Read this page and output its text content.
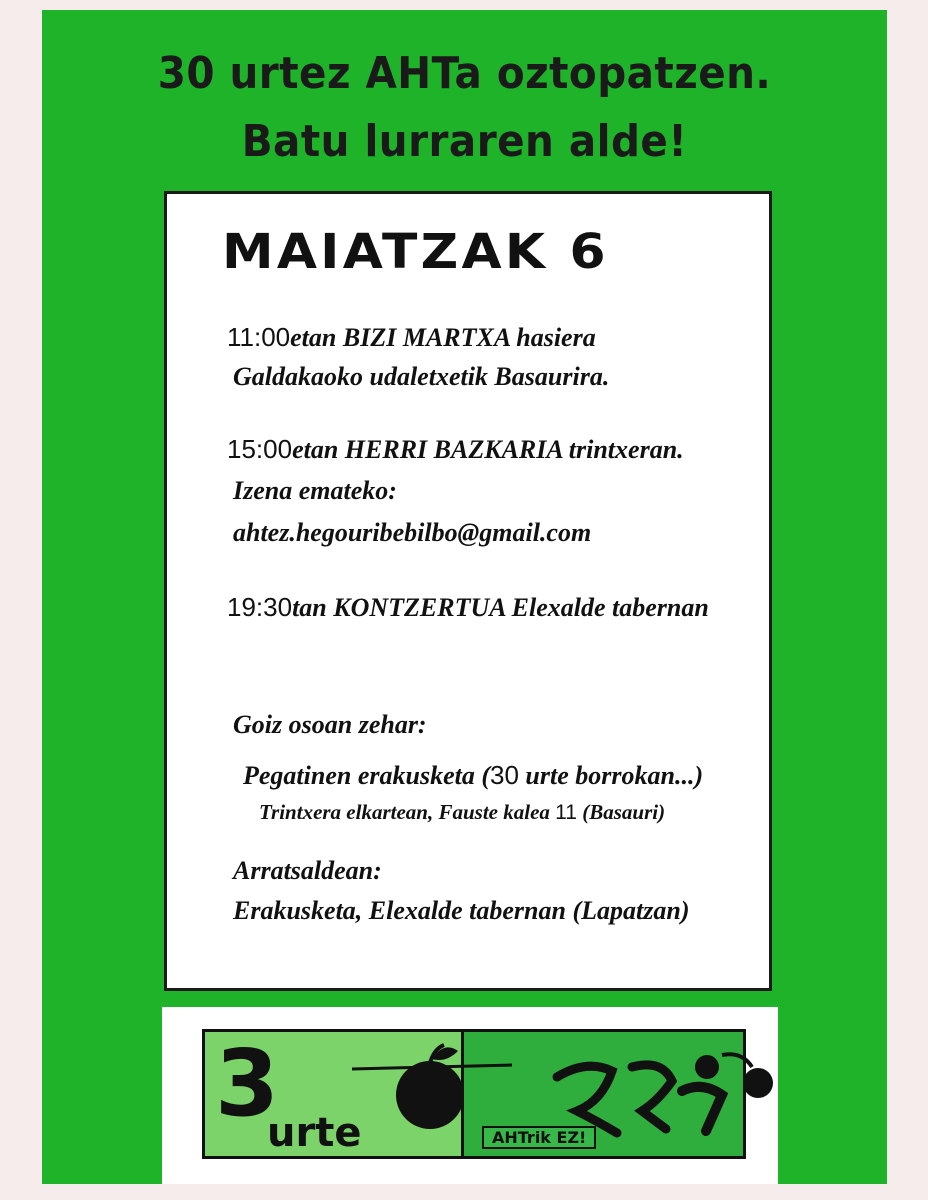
30 urtez AHTa oztopatzen.
Batu lurraren alde!
MAIATZAK 6
11:00etan BIZI MARTXA hasiera
Galdakaoko udaletxetik Basaurira.
15:00etan HERRI BAZKARIA trintxeran.
Izena emateko:
ahtez.hegouribebilbo@gmail.com
19:30tan KONTZERTUA Elexalde tabernan
Goiz osoan zehar:
Pegatinen erakusketa (30 urte borrokan...)
Trintxera elkartean, Fauste kalea 11 (Basauri)
Arratsaldean:
Erakusketa, Elexalde tabernan (Lapatzan)
3
urte	AHTrik EZ!
